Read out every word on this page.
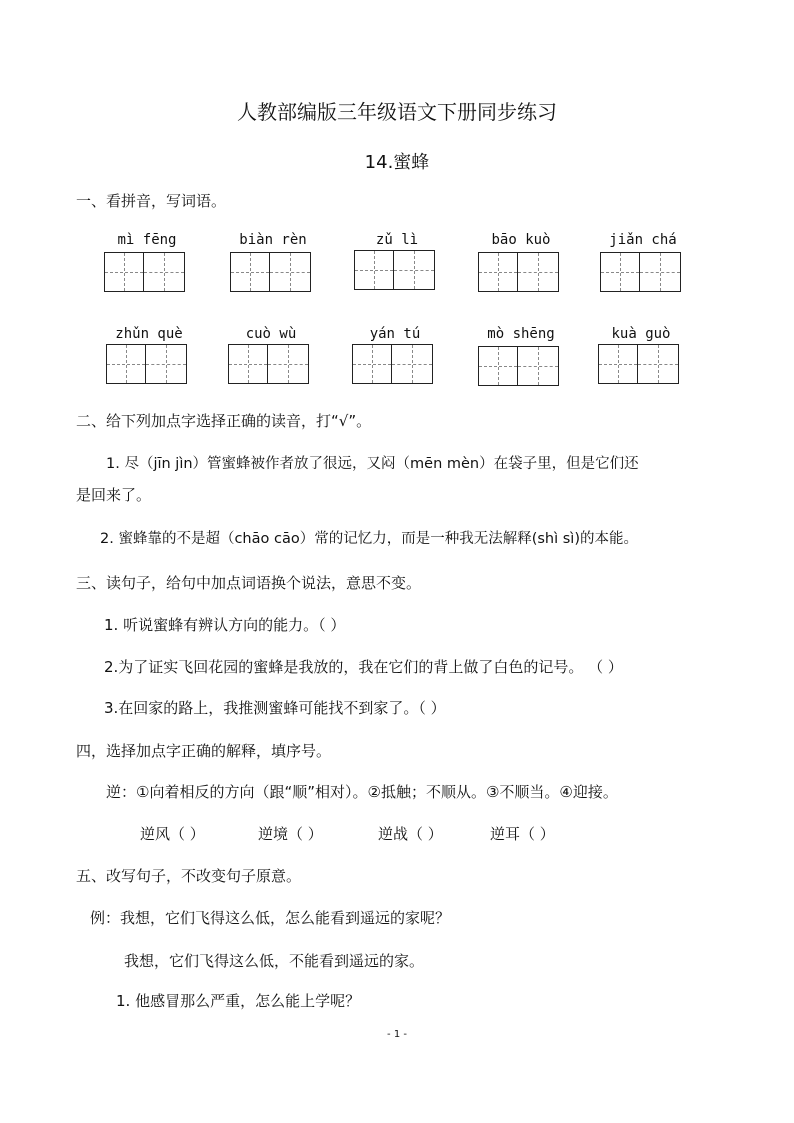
人教部编版三年级语文下册同步练习
14.蜜蜂
一、看拼音，写词语。
mì fēng	biàn rèn	zǔ lì	bāo kuò	jiǎn chá
zhǔn què	cuò wù	yán tú	mò shēng	kuà guò
二、给下列加点字选择正确的读音，打“√”。
1. 尽（jīn jìn）管蜜蜂被作者放了很远，又闷（mēn mèn）在袋子里，但是它们还
是回来了。
2. 蜜蜂靠的不是超（chāo cāo）常的记忆力，而是一种我无法解释(shì sì)的本能。
三、读句子，给句中加点词语换个说法，意思不变。
1. 听说蜜蜂有辨认方向的能力。（ ）
2.为了证实飞回花园的蜜蜂是我放的，我在它们的背上做了白色的记号。 （ ）
3.在回家的路上，我推测蜜蜂可能找不到家了。（ ）
四，选择加点字正确的解释，填序号。
逆：①向着相反的方向（跟“顺”相对）。②抵触；不顺从。③不顺当。④迎接。
逆风（ ）	逆境（ ）	逆战（ ）	逆耳（ ）
五、改写句子，不改变句子原意。
例：我想，它们飞得这么低，怎么能看到遥远的家呢？
我想，它们飞得这么低，不能看到遥远的家。
1. 他感冒那么严重，怎么能上学呢？
- 1 -
